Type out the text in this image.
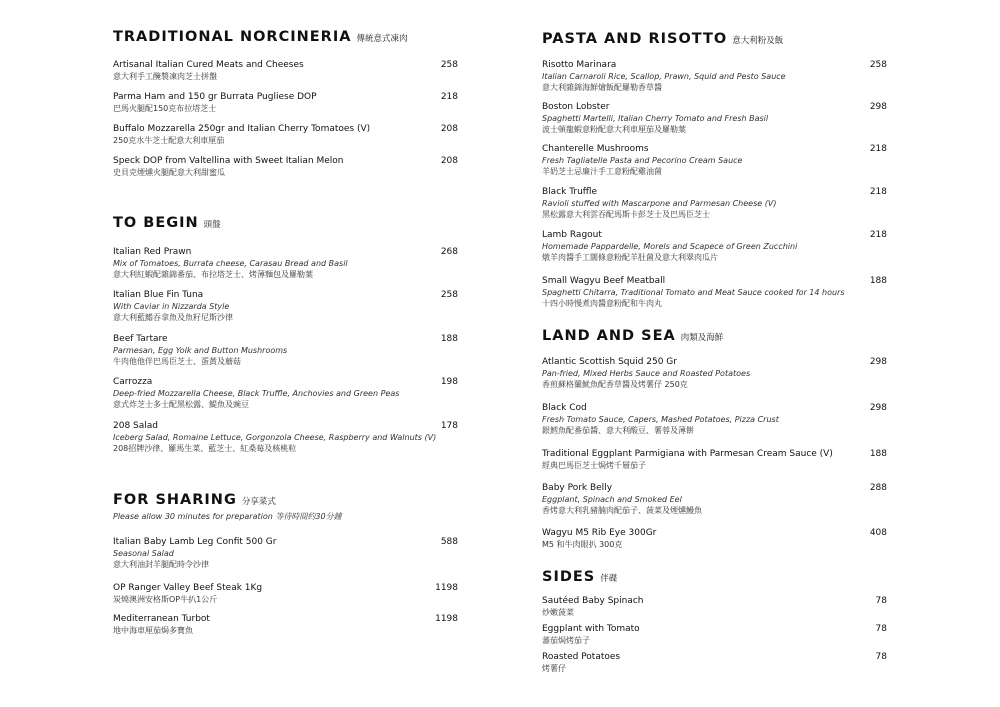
TRADITIONAL NORCINERIA 傳統意式凍肉
Artisanal Italian Cured Meats and Cheeses
意大利手工醃製凍肉芝士拼盤
258
Parma Ham and 150 gr Burrata Pugliese DOP
巴馬火腿配150克布拉塔芝士
218
Buffalo Mozzarella 250gr and Italian Cherry Tomatoes (V)
250克水牛芝士配意大利車厘茄
208
Speck DOP from Valtellina with Sweet Italian Melon
史貝克煙燻火腿配意大利甜蜜瓜
208
TO BEGIN 頭盤
Italian Red Prawn
Mix of Tomatoes, Burrata cheese, Carasau Bread and Basil
意大利紅蝦配雜錦番茄、布拉塔芝士、烤薄麵包及羅勒葉
268
Italian Blue Fin Tuna
With Caviar in Nizzarda Style
意大利藍鰭吞拿魚及魚籽尼斯沙律
258
Beef Tartare
Parmesan, Egg Yolk and Button Mushrooms
牛肉他他伴巴馬臣芝士、蛋黃及蘑菇
188
Carrozza
Deep-fried Mozzarella Cheese, Black Truffle, Anchovies and Green Peas
意式炸芝士多士配黑松露、鯷魚及豌豆
198
208 Salad
Iceberg Salad, Romaine Lettuce, Gorgonzola Cheese, Raspberry and Walnuts (V)
208招牌沙律、羅馬生菜、藍芝士、紅桑莓及核桃粒
178
FOR SHARING 分享菜式
Please allow 30 minutes for preparation 等待時間約30分鐘
Italian Baby Lamb Leg Confit 500 Gr
Seasonal Salad
意大利油封羊腿配時令沙律
588
OP Ranger Valley Beef Steak 1Kg
炭燒澳洲安格斯OP牛扒1公斤
1198
Mediterranean Turbot
地中海車厘茄焗多寶魚
1198
PASTA AND RISOTTO 意大利粉及飯
Risotto Marinara
Italian Carnaroli Rice, Scallop, Prawn, Squid and Pesto Sauce
意大利雜錦海鮮燴飯配羅勒香草醬
258
Boston Lobster
Spaghetti Martelli, Italian Cherry Tomato and Fresh Basil
波士頓龍蝦意粉配意大利車厘茄及羅勒葉
298
Chanterelle Mushrooms
Fresh Tagliatelle Pasta and Pecorino Cream Sauce
羊奶芝士忌廉汁手工意粉配雞油菌
218
Black Truffle
Ravioli stuffed with Mascarpone and Parmesan Cheese (V)
黑松露意大利雲吞配馬斯卡彭芝士及巴馬臣芝士
218
Lamb Ragout
Homemade Pappardelle, Morels and Scapece of Green Zucchini
燉羊肉醬手工闊條意粉配羊肚菌及意大利翠肉瓜片
218
Small Wagyu Beef Meatball
Spaghetti Chitarra, Traditional Tomato and Meat Sauce cooked for 14 hours
十四小時慢煮肉醬意粉配和牛肉丸
188
LAND AND SEA 肉類及海鮮
Atlantic Scottish Squid 250 Gr
Pan-fried, Mixed Herbs Sauce and Roasted Potatoes
香煎蘇格蘭魷魚配香草醬及烤薯仔 250克
298
Black Cod
Fresh Tomato Sauce, Capers, Mashed Potatoes, Pizza Crust
銀鱈魚配番茄醬、意大利酸豆、薯蓉及薄餅
298
Traditional Eggplant Parmigiana with Parmesan Cream Sauce (V)
經典巴馬臣芝士焗烤千層茄子
188
Baby Pork Belly
Eggplant, Spinach and Smoked Eel
香烤意大利乳豬腩肉配茄子、菠菜及煙燻鰻魚
288
Wagyu M5 Rib Eye 300Gr
M5 和牛肉眼扒 300克
408
SIDES 伴碟
Sautéed Baby Spinach
炒嫩菠菜
78
Eggplant with Tomato
蕃茄焗烤茄子
78
Roasted Potatoes
烤薯仔
78
